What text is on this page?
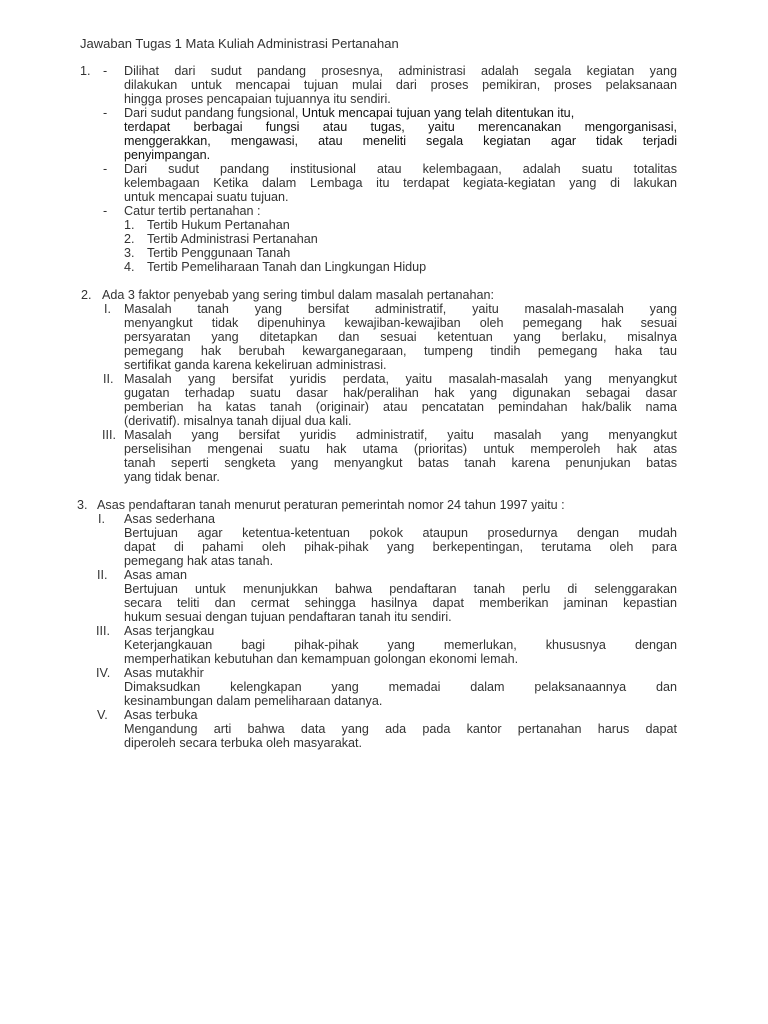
Jawaban Tugas 1 Mata Kuliah Administrasi Pertanahan
1. - Dilihat dari sudut pandang prosesnya, administrasi adalah segala kegiatan yang
dilakukan untuk mencapai tujuan mulai dari proses pemikiran, proses pelaksanaan
hingga proses pencapaian tujuannya itu sendiri.
- Dari sudut pandang fungsional, Untuk mencapai tujuan yang telah ditentukan itu,
terdapat berbagai fungsi atau tugas, yaitu merencanakan mengorganisasi,
menggerakkan, mengawasi, atau meneliti segala kegiatan agar tidak terjadi
penyimpangan.
- Dari sudut pandang institusional atau kelembagaan, adalah suatu totalitas
kelembagaan Ketika dalam Lembaga itu terdapat kegiata-kegiatan yang di lakukan
untuk mencapai suatu tujuan.
- Catur tertib pertanahan :
1. Tertib Hukum Pertanahan
2. Tertib Administrasi Pertanahan
3. Tertib Penggunaan Tanah
4. Tertib Pemeliharaan Tanah dan Lingkungan Hidup
2. Ada 3 faktor penyebab yang sering timbul dalam masalah pertanahan:
I. Masalah tanah yang bersifat administratif, yaitu masalah-masalah yang
menyangkut tidak dipenuhinya kewajiban-kewajiban oleh pemegang hak sesuai
persyaratan yang ditetapkan dan sesuai ketentuan yang berlaku, misalnya
pemegang hak berubah kewarganegaraan, tumpeng tindih pemegang haka tau
sertifikat ganda karena kekeliruan administrasi.
II. Masalah yang bersifat yuridis perdata, yaitu masalah-masalah yang menyangkut
gugatan terhadap suatu dasar hak/peralihan hak yang digunakan sebagai dasar
pemberian ha katas tanah (originair) atau pencatatan pemindahan hak/balik nama
(derivatif). misalnya tanah dijual dua kali.
III. Masalah yang bersifat yuridis administratif, yaitu masalah yang menyangkut
perselisihan mengenai suatu hak utama (prioritas) untuk memperoleh hak atas
tanah seperti sengketa yang menyangkut batas tanah karena penunjukan batas
yang tidak benar.
3. Asas pendaftaran tanah menurut peraturan pemerintah nomor 24 tahun 1997 yaitu :
I. Asas sederhana
Bertujuan agar ketentua-ketentuan pokok ataupun prosedurnya dengan mudah
dapat di pahami oleh pihak-pihak yang berkepentingan, terutama oleh para
pemegang hak atas tanah.
II. Asas aman
Bertujuan untuk menunjukkan bahwa pendaftaran tanah perlu di selenggarakan
secara teliti dan cermat sehingga hasilnya dapat memberikan jaminan kepastian
hukum sesuai dengan tujuan pendaftaran tanah itu sendiri.
III. Asas terjangkau
Keterjangkauan bagi pihak-pihak yang memerlukan, khususnya dengan
memperhatikan kebutuhan dan kemampuan golongan ekonomi lemah.
IV. Asas mutakhir
Dimaksudkan kelengkapan yang memadai dalam pelaksanaannya dan
kesinambungan dalam pemeliharaan datanya.
V. Asas terbuka
Mengandung arti bahwa data yang ada pada kantor pertanahan harus dapat
diperoleh secara terbuka oleh masyarakat.
